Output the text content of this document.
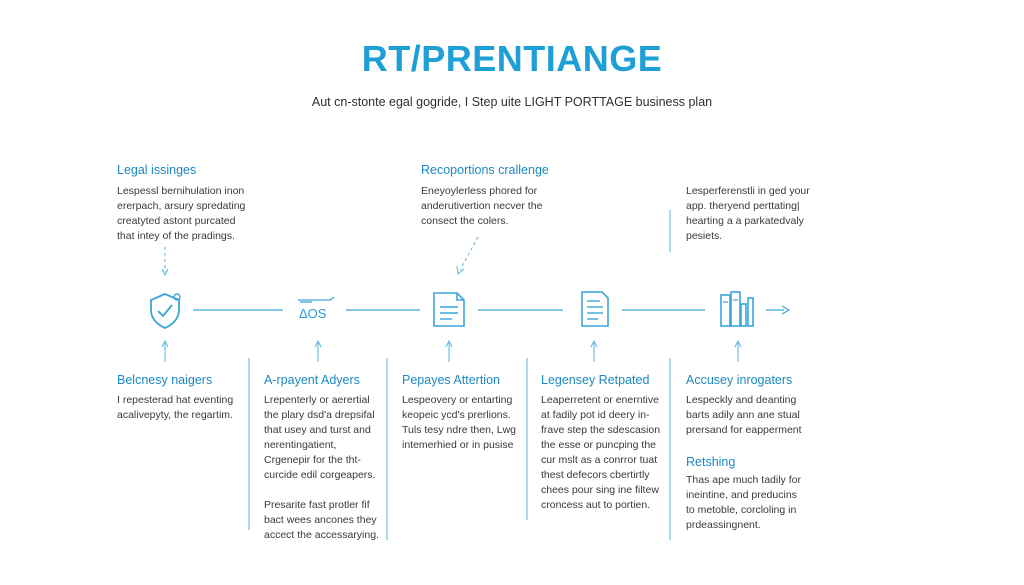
RT/PRENTIANGE
Aut cn-stonte egal gogride, I Step uite LIGHT PORTTAGE business plan
ΔOS
Legal issinges
Lespessl bernihulation inon
ererpach, arsury spredating
creatyted astont purcated
that intey of the pradings.
Recoportions crallenge
Eneyoylerless phored for
anderutivertion necver the
consect the colers.
Lesperferenstli in ged your
app. theryend perttating|
hearting a a parkatedvaly
pesiets.
Belcnesy naigers
I repesterad hat eventing
acalivepyty, the regartim.
A-rpayent Adyers
Lrepenterly or aerertial
the plary dsd'a drepsifal
that usey and turst and
nerentingatient,
Crgenepir for the tht-
curcide edil corgeapers.

Presarite fast protler fif
bact wees ancones they
accect the accessarying.
Pepayes Attertion
Lespeovery or entarting
keopeic ycd's prerlions.
Tuls tesy ndre then, Lwg
intemerhied or in pusise
Legensey Retpated
Leaperretent or enerntive
at fadily pot id deery in-
frave step the sdescasion
the esse or puncping the
cur mslt as a conrror tuat
thest defecors cbertirtly
chees pour sing ine filtew
croncess aut to portien.
Accusey inrogaters
Lespeckly and deanting
barts adily ann ane stual
prersand for eapperment
Retshing
Thas ape much tadily for
ineintine, and preducins
to metoble, corcloling in
prdeassingnent.
